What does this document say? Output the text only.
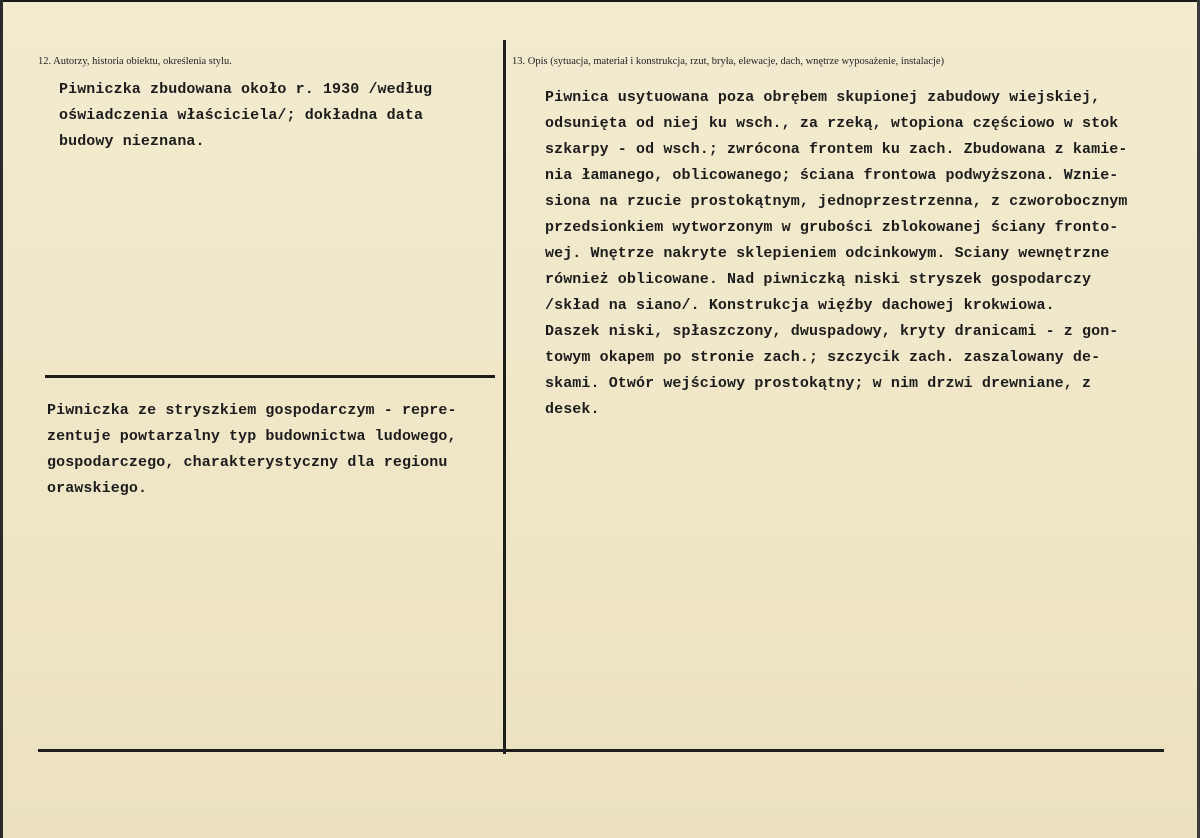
12. Autorzy, historia obiektu, określenia stylu.
Piwniczka zbudowana około r. 1930 /według
oświadczenia właściciela/; dokładna data
budowy nieznana.
Piwniczka ze stryszkiem gospodarczym - repre-
zentuje powtarzalny typ budownictwa ludowego,
gospodarczego, charakterystyczny dla regionu
orawskiego.
13. Opis (sytuacja, materiał i konstrukcja, rzut, bryła, elewacje, dach, wnętrze wyposażenie, instalacje)
Piwnica usytuowana poza obrębem skupionej zabudowy wiejskiej,
odsunięta od niej ku wsch., za rzeką, wtopiona częściowo w stok
szkarpy - od wsch.; zwrócona frontem ku zach. Zbudowana z kamie-
nia łamanego, oblicowanego; ściana frontowa podwyższona. Wznie-
siona na rzucie prostokątnym, jednoprzestrzenna, z czworobocznym
przedsionkiem wytworzonym w grubości zblokowanej ściany fronto-
wej. Wnętrze nakryte sklepieniem odcinkowym. Sciany wewnętrzne
również oblicowane. Nad piwniczką niski stryszek gospodarczy
/skład na siano/. Konstrukcja więźby dachowej krokwiowa.
Daszek niski, spłaszczony, dwuspadowy, kryty dranicami - z gon-
towym okapem po stronie zach.; szczycik zach. zaszalowany de-
skami. Otwór wejściowy prostokątny; w nim drzwi drewniane, z
desek.
